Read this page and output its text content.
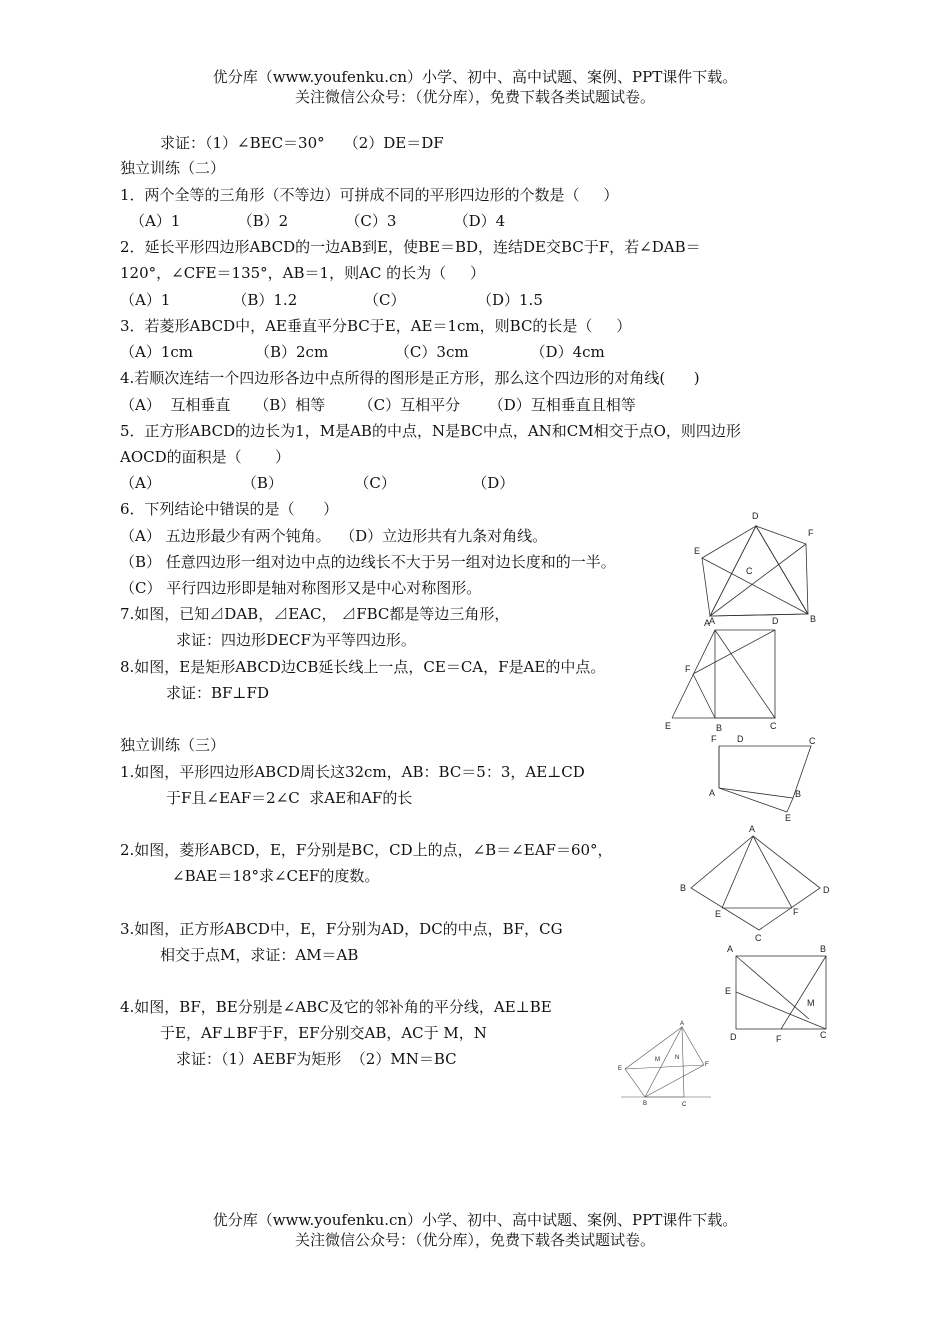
优分库（www.youfenku.cn）小学、初中、高中试题、案例、PPT课件下载。
关注微信公众号：（优分库），免费下载各类试题试卷。
求证：（1）∠BEC＝30°    （2）DE＝DF
独立训练（二）
1．两个全等的三角形（不等边）可拼成不同的平形四边形的个数是（     ）
（A）1            （B）2            （C）3            （D）4
2．延长平形四边形ABCD的一边AB到E，使BE＝BD，连结DE交BC于F，若∠DAB＝
120°，∠CFE＝135°，AB＝1，则AC 的长为（     ）
（A）1             （B）1.2              （C）               （D）1.5
3．若菱形ABCD中，AE垂直平分BC于E，AE＝1cm，则BC的长是（     ）
（A）1cm             （B）2cm              （C）3cm             （D）4cm
4.若顺次连结一个四边形各边中点所得的图形是正方形，那么这个四边形的对角线(      )
（A）  互相垂直     （B）相等       （C）互相平分      （D）互相垂直且相等
5．正方形ABCD的边长为1，M是AB的中点，N是BC中点，AN和CM相交于点O，则四边形
AOCD的面积是（       ）
（A）                 （B）               （C）                （D）
6．下列结论中错误的是（      ）
（A） 五边形最少有两个钝角。  （D）立边形共有九条对角线。
（B） 任意四边形一组对边中点的边线长不大于另一组对边长度和的一半。
（C） 平行四边形即是轴对称图形又是中心对称图形。
7.如图，已知⊿DAB，⊿EAC， ⊿FBC都是等边三角形，
求证：四边形DECF为平等四边形。
8.如图，E是矩形ABCD边CB延长线上一点，CE＝CA，F是AE的中点。
求证：BF⊥FD
独立训练（三）
1.如图，平形四边形ABCD周长这32cm，AB：BC＝5：3，AE⊥CD
于F且∠EAF＝2∠C  求AE和AF的长
2.如图，菱形ABCD，E，F分别是BC，CD上的点，∠B＝∠EAF＝60°，
∠BAE＝18°求∠CEF的度数。
3.如图，正方形ABCD中，E，F分别为AD，DC的中点，BF，CG
相交于点M，求证：AM＝AB
4.如图，BF，BE分别是∠ABC及它的邻补角的平分线，AE⊥BE
于E，AF⊥BF于F，EF分别交AB，AC于 M，N
求证：（1）AEBF为矩形  （2）MN＝BC
D
E
F
C
A	B
A	D
F
E	B	C
F D	C
A	B
E
A
B	D
E	F
C
A	B
E
M
D	F	C
A
M	N
E
F
B	C
优分库（www.youfenku.cn）小学、初中、高中试题、案例、PPT课件下载。
关注微信公众号：（优分库），免费下载各类试题试卷。
